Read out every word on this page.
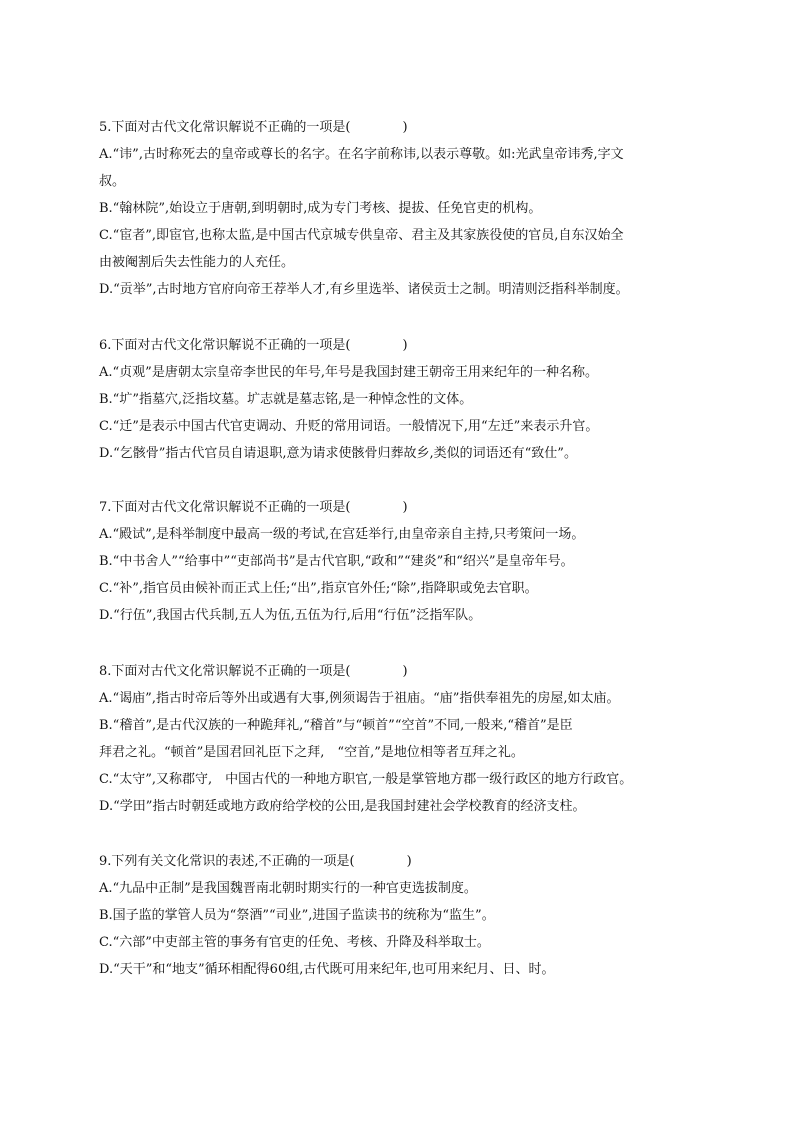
5.下面对古代文化常识解说不正确的一项是(　　　　)
A.“讳”,古时称死去的皇帝或尊长的名字。在名字前称讳,以表示尊敬。如:光武皇帝讳秀,字文
叔。
B.“翰林院”,始设立于唐朝,到明朝时,成为专门考核、提拔、任免官吏的机构。
C.“宦者”,即宦官,也称太监,是中国古代京城专供皇帝、君主及其家族役使的官员,自东汉始全
由被阉割后失去性能力的人充任。
D.“贡举”,古时地方官府向帝王荐举人才,有乡里选举、诸侯贡士之制。明清则泛指科举制度。
6.下面对古代文化常识解说不正确的一项是(　　　　)
A.“贞观”是唐朝太宗皇帝李世民的年号,年号是我国封建王朝帝王用来纪年的一种名称。
B.“圹”指墓穴,泛指坟墓。圹志就是墓志铭,是一种悼念性的文体。
C.“迁”是表示中国古代官吏调动、升贬的常用词语。一般情况下,用“左迁”来表示升官。
D.“乞骸骨”指古代官员自请退职,意为请求使骸骨归葬故乡,类似的词语还有“致仕”。
7.下面对古代文化常识解说不正确的一项是(　　　　)
A.“殿试”,是科举制度中最高一级的考试,在宫廷举行,由皇帝亲自主持,只考策问一场。
B.“中书舍人”“给事中”“吏部尚书”是古代官职,“政和”“建炎”和“绍兴”是皇帝年号。
C.“补”,指官员由候补而正式上任;“出”,指京官外任;“除”,指降职或免去官职。
D.“行伍”,我国古代兵制,五人为伍,五伍为行,后用“行伍”泛指军队。
8.下面对古代文化常识解说不正确的一项是(　　　　)
A.“谒庙”,指古时帝后等外出或遇有大事,例须谒告于祖庙。“庙”指供奉祖先的房屋,如太庙。
B.“稽首”,是古代汉族的一种跪拜礼,“稽首”与“顿首”“空首”不同,一般来,“稽首”是臣
拜君之礼。“顿首”是国君回礼臣下之拜,　“空首,”是地位相等者互拜之礼。
C.“太守”,又称郡守,　中国古代的一种地方职官,一般是掌管地方郡一级行政区的地方行政官。
D.“学田”指古时朝廷或地方政府给学校的公田,是我国封建社会学校教育的经济支柱。
9.下列有关文化常识的表述,不正确的一项是(　　　　)
A.“九品中正制”是我国魏晋南北朝时期实行的一种官吏选拔制度。
B.国子监的掌管人员为“祭酒”“司业”,进国子监读书的统称为“监生”。
C.“六部”中吏部主管的事务有官吏的任免、考核、升降及科举取士。
D.“天干”和“地支”循环相配得60组,古代既可用来纪年,也可用来纪月、日、时。
